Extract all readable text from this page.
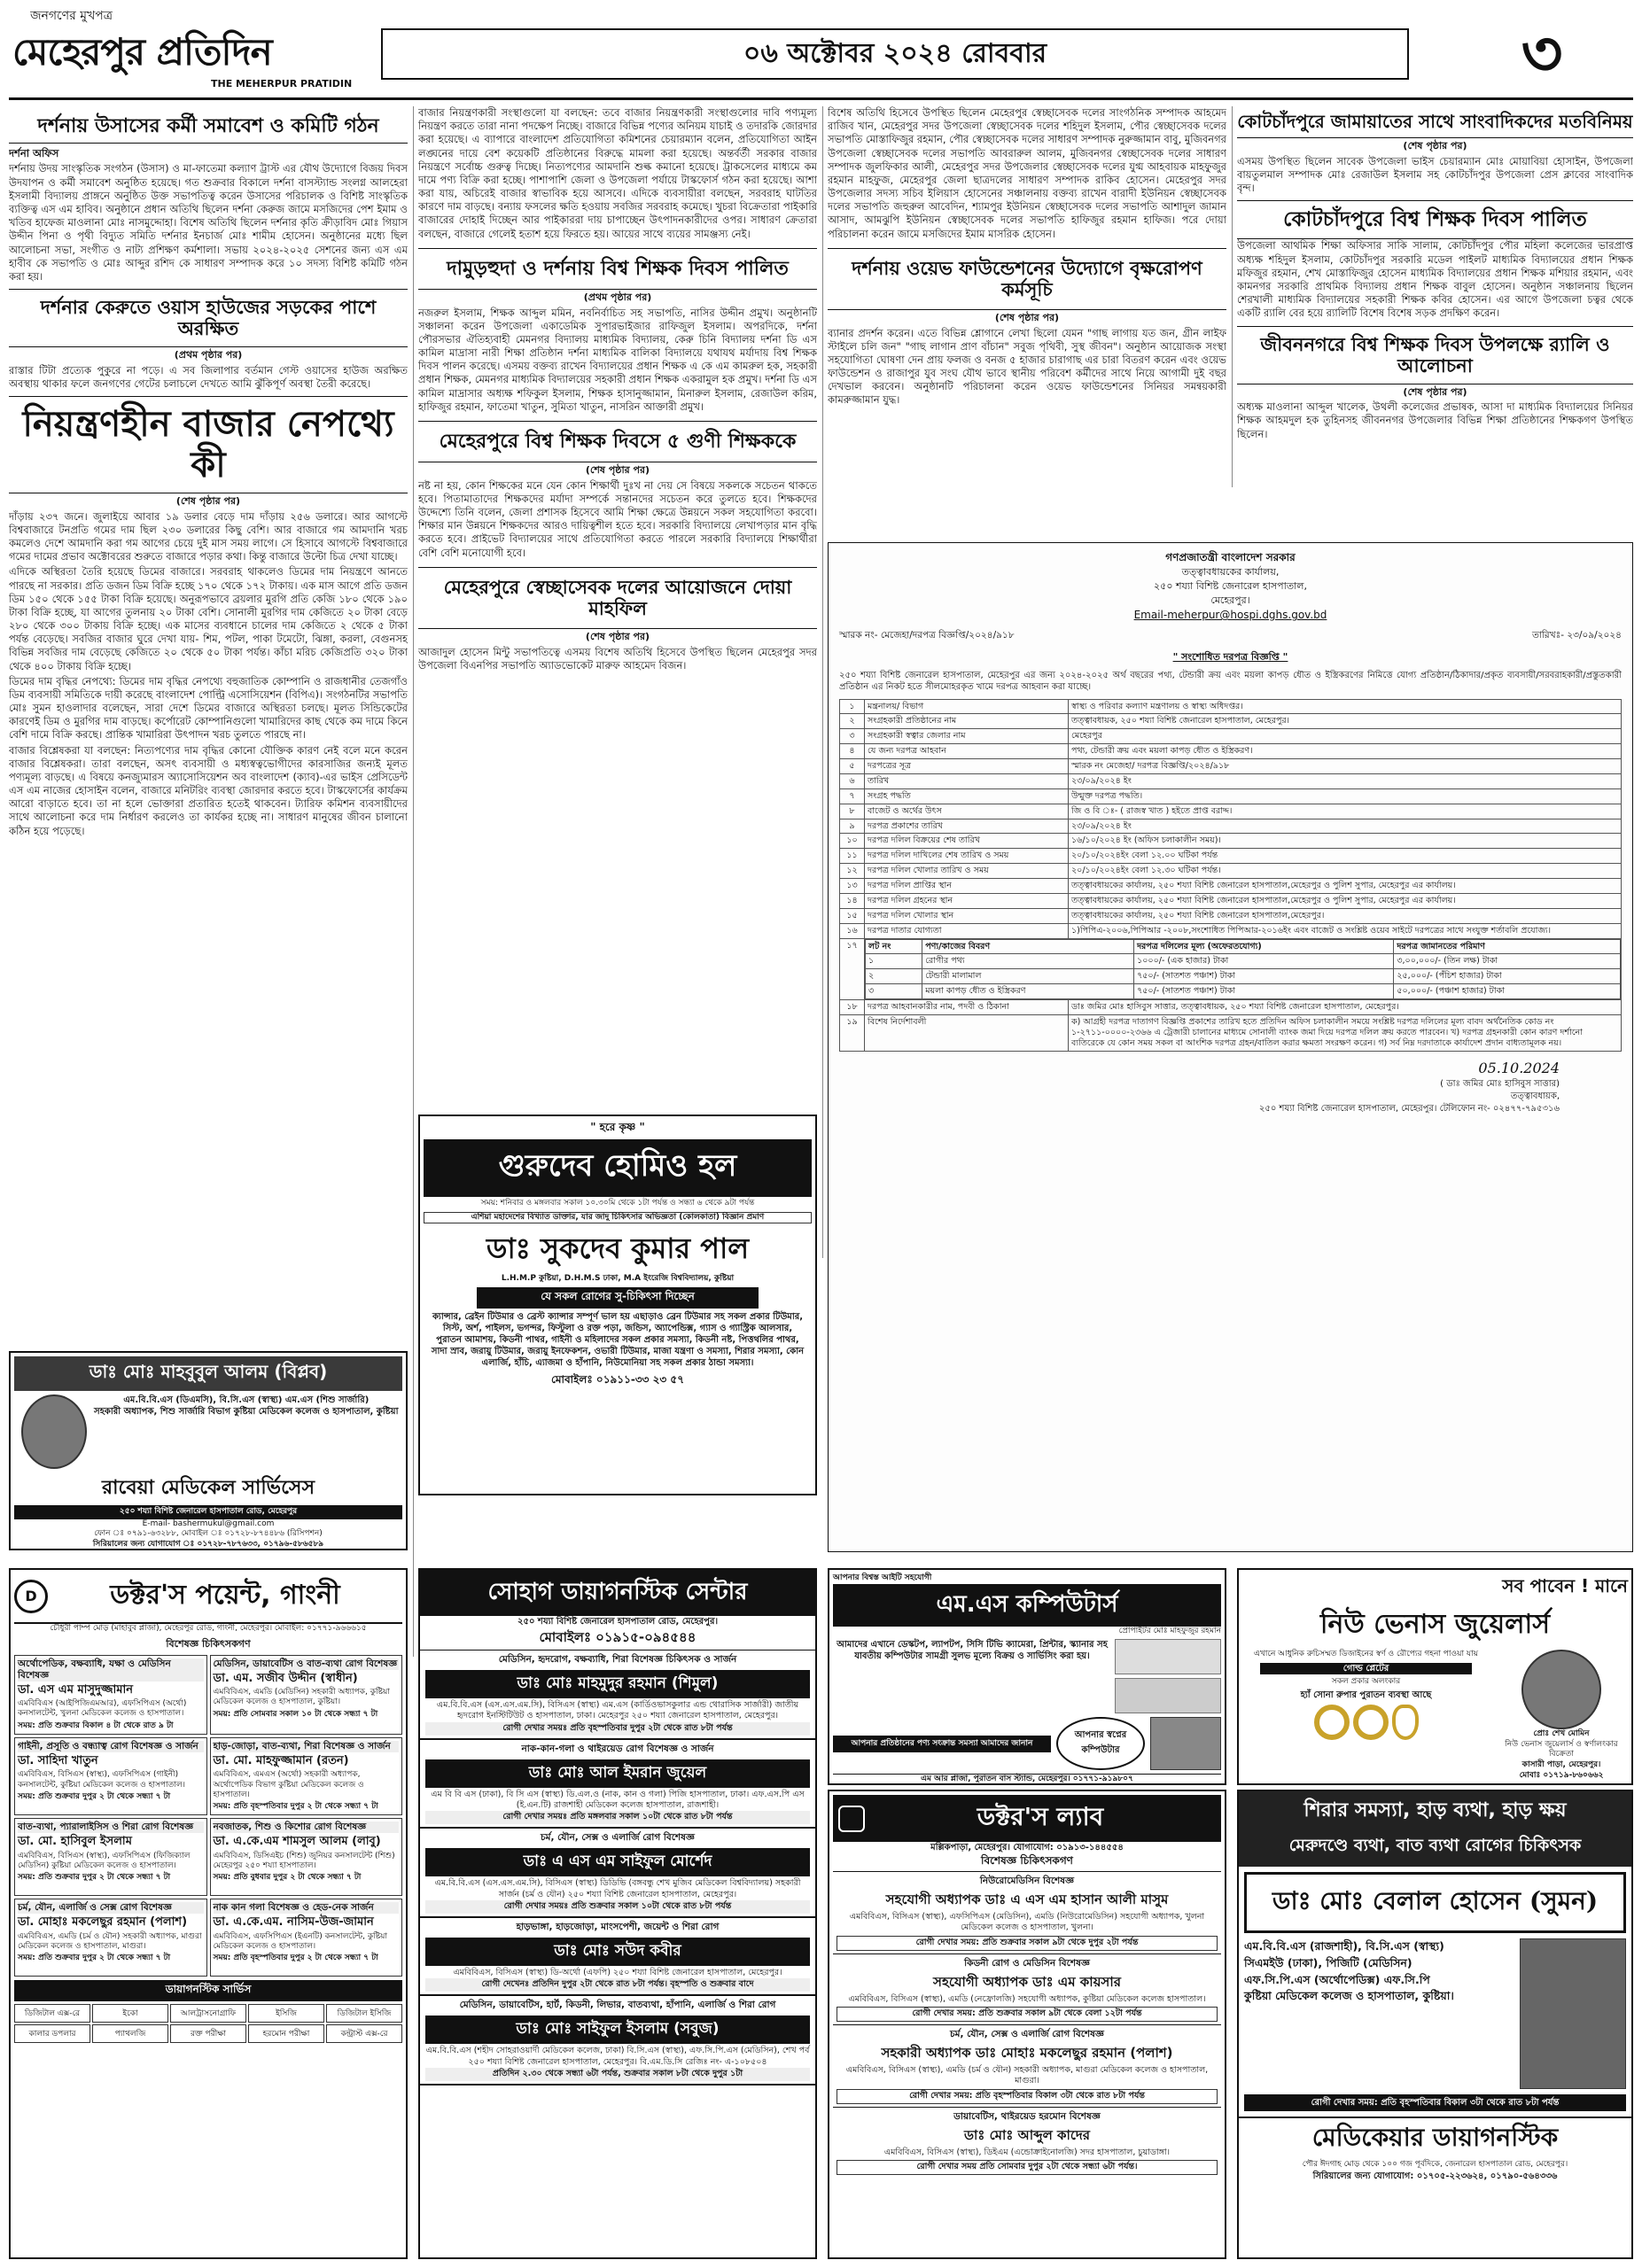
জনগণের মুখপত্র
মেহেরপুর প্রতিদিন
THE MEHERPUR PRATIDIN
০৬ অক্টোবর ২০২৪ রোববার	৩
দর্শনায় উসাসের কর্মী সমাবেশ ও কমিটি গঠন

দর্শনা অফিস

দর্শনায় উদয় সাংস্কৃতিক সংগঠন (উসাস) ও মা-ফাতেমা কল্যাণ ট্রাস্ট এর যৌথ উদ্যোগে বিজয় দিবস উদযাপন ও কর্মী সমাবেশ অনুষ্ঠিত হয়েছে। গত শুক্রবার বিকালে দর্শনা বাসস্ট্যান্ড সংলগ্ন আলহেরা ইসলামী বিদ্যালয় প্রাঙ্গনে অনুষ্ঠিত উক্ত সভাপতিত্ব করেন উসাসের পরিচালক ও বিশিষ্ট সাংস্কৃতিক ব্যক্তিত্ব এস এম হাবিব। অনুষ্ঠানে প্রধান অতিথি ছিলেন দর্শনা কেরুজ জামে মসজিদের পেশ ইমাম ও খতিব হাফেজ মাওলানা মোঃ নাসমুদ্দোহা। বিশেষ অতিথি ছিলেন দর্শনার কৃতি ক্রীড়াবিদ মোঃ গিয়াস উদ্দীন পিনা ও পৃথী বিদ্যুত সমিতি দর্শনার ইনচার্জ মোঃ শামীম হোসেন। অনুষ্ঠানের মধ্যে ছিল আলোচনা সভা, সংগীত ও নাট্য প্রশিক্ষণ কর্মশালা। সভায় ২০২৪-২০২৫ সেশনের জন্য এস এম হাবীব কে সভাপতি ও মোঃ আব্দুর রশিদ কে সাধারণ সম্পাদক করে ১০ সদস্য বিশিষ্ট কমিটি গঠন করা হয়।

দর্শনার কেরুতে ওয়াস হাউজের সড়কের পাশে অরক্ষিত
(প্রথম পৃষ্ঠার পর)

রাস্তার টিটা প্রত্যেক পুকুরে না পড়ে। এ সব জিলাপার বর্তমান গেস্ট ওয়াসের হাউজ অরক্ষিত অবস্থায় থাকার ফলে জনগণের গেটের চলাচলে দেখতে আমি ঝুঁকিপূর্ণ অবস্থা তৈরী করেছে।

নিয়ন্ত্রণহীন বাজার নেপথ্যে কী
(শেষ পৃষ্ঠার পর)

দাঁড়ায় ২৩৭ জনে। জুলাইয়ে আবার ১৯ ডলার বেড়ে দাম দাঁড়ায় ২৫৬ ডলারে। আর আগস্টে বিশ্ববাজারে টনপ্রতি গমের দাম ছিল ২৩০ ডলারের কিছু বেশি। আর বাজারে গম আমদানি খরচ কমলেও দেশে আমদানি করা গম আগের চেয়ে দুই মাস সময় লাগে। সে হিসাবে আগস্টে বিশ্ববাজারে গমের দামের প্রভাব অক্টোবরের শুরুতে বাজারে পড়ার কথা। কিন্তু বাজারে উল্টো চিত্র দেখা যাচ্ছে।

এদিকে অস্থিরতা তৈরি হয়েছে ডিমের বাজারে। সরবরাহ থাকলেও ডিমের দাম নিয়ন্ত্রণে আনতে পারছে না সরকার। প্রতি ডজন ডিম বিক্রি হচ্ছে ১৭০ থেকে ১৭২ টাকায়। এক মাস আগে প্রতি ডজন ডিম ১৫০ থেকে ১৫৫ টাকা বিক্রি হয়েছে। অনুরূপভাবে ব্রয়লার মুরগি প্রতি কেজি ১৮০ থেকে ১৯০ টাকা বিক্রি হচ্ছে, যা আগের তুলনায় ২০ টাকা বেশি। সোনালী মুরগির দাম কেজিতে ২০ টাকা বেড়ে ২৮০ থেকে ৩০০ টাকায় বিক্রি হচ্ছে। এক মাসের ব্যবধানে চালের দাম কেজিতে ২ থেকে ৫ টাকা পর্যন্ত বেড়েছে। সবজির বাজার ঘুরে দেখা যায়- শিম, পটল, পাকা টমেটো, ঝিঙ্গা, করলা, বেগুনসহ বিভিন্ন সবজির দাম বেড়েছে কেজিতে ২০ থেকে ৫০ টাকা পর্যন্ত। কাঁচা মরিচ কেজিপ্রতি ৩২০ টাকা থেকে ৪০০ টাকায় বিক্রি হচ্ছে।

ডিমের দাম বৃদ্ধির নেপথ্যে: ডিমের দাম বৃদ্ধির নেপথ্যে বহুজাতিক কোম্পানি ও রাজধানীর তেজগাঁও ডিম ব্যবসায়ী সমিতিকে দায়ী করেছে বাংলাদেশ পোল্ট্রি এসোসিয়েশন (বিপিএ)। সংগঠনটির সভাপতি মোঃ সুমন হাওলাদার বলেছেন, সারা দেশে ডিমের বাজারে অস্থিরতা চলছে। মূলত সিন্ডিকেটের কারণেই ডিম ও মুরগির দাম বাড়ছে। কর্পোরেট কোম্পানিগুলো খামারিদের কাছ থেকে কম দামে কিনে বেশি দামে বিক্রি করছে। প্রান্তিক খামারিরা উৎপাদন খরচ তুলতে পারছে না।

বাজার বিশ্লেষকরা যা বলছেন: নিত্যপণ্যের দাম বৃদ্ধির কোনো যৌক্তিক কারণ নেই বলে মনে করেন বাজার বিশ্লেষকরা। তারা বলছেন, অসৎ ব্যবসায়ী ও মধ্যস্বত্বভোগীদের কারসাজির জন্যই মূলত পণ্যমূল্য বাড়ছে। এ বিষয়ে কনজ্যুমারস অ্যাসোসিয়েশন অব বাংলাদেশ (ক্যাব)-এর ভাইস প্রেসিডেন্ট এস এম নাজের হোসাইন বলেন, বাজারে মনিটরিং ব্যবস্থা জোরদার করতে হবে। টাস্কফোর্সের কার্যক্রম আরো বাড়াতে হবে। তা না হলে ভোক্তারা প্রতারিত হতেই থাকবেন। ট্যারিফ কমিশন ব্যবসায়ীদের সাথে আলোচনা করে দাম নির্ধারণ করলেও তা কার্যকর হচ্ছে না। সাধারণ মানুষের জীবন চালানো কঠিন হয়ে পড়েছে।

বাজার নিয়ন্ত্রণকারী সংস্থাগুলো যা বলছেন: তবে বাজার নিয়ন্ত্রণকারী সংস্থাগুলোর দাবি পণ্যমূল্য নিয়ন্ত্রণ করতে তারা নানা পদক্ষেপ নিচ্ছে। বাজারে বিভিন্ন পণ্যের অনিয়ম যাচাই ও তদারকি জোরদার করা হয়েছে। এ ব্যাপারে বাংলাদেশ প্রতিযোগিতা কমিশনের চেয়ারম্যান বলেন, প্রতিযোগিতা আইন লঙ্ঘনের দায়ে বেশ কয়েকটি প্রতিষ্ঠানের বিরুদ্ধে মামলা করা হয়েছে। অন্তর্বর্তী সরকার বাজার নিয়ন্ত্রণে সর্বোচ্চ গুরুত্ব দিচ্ছে। নিত্যপণ্যের আমদানি শুল্ক কমানো হয়েছে। ট্রাকসেলের মাধ্যমে কম দামে পণ্য বিক্রি করা হচ্ছে। পাশাপাশি জেলা ও উপজেলা পর্যায়ে টাস্কফোর্স গঠন করা হয়েছে। আশা করা যায়, অচিরেই বাজার স্বাভাবিক হয়ে আসবে। এদিকে ব্যবসায়ীরা বলছেন, সরবরাহ ঘাটতির কারণে দাম বাড়ছে। বন্যায় ফসলের ক্ষতি হওয়ায় সবজির সরবরাহ কমেছে। খুচরা বিক্রেতারা পাইকারি বাজারের দোহাই দিচ্ছেন আর পাইকাররা দায় চাপাচ্ছেন উৎপাদনকারীদের ওপর। সাধারণ ক্রেতারা বলছেন, বাজারে গেলেই হতাশ হয়ে ফিরতে হয়। আয়ের সাথে ব্যয়ের সামঞ্জস্য নেই।

দামুড়হুদা ও দর্শনায় বিশ্ব শিক্ষক দিবস পালিত
(প্রথম পৃষ্ঠার পর)

নজরুল ইসলাম, শিক্ষক আব্দুল মমিন, নবনির্বাচিত সহ সভাপতি, নাসির উদ্দীন প্রমুখ। অনুষ্ঠানটি সঞ্চালনা করেন উপজেলা একাডেমিক সুপারভাইজার রাফিজুল ইসলাম। অপরদিকে, দর্শনা পৌরসভার ঐতিহ্যবাহী মেমনগর বিদ্যালয় মাধ্যমিক বিদ্যালয়, কেরু চিনি বিদ্যালয় দর্শনা ডি এস কামিল মাদ্রাসা নারী শিক্ষা প্রতিষ্ঠান দর্শনা মাধ্যমিক বালিকা বিদ্যালয়ে যথাযথ মর্যাদায় বিশ্ব শিক্ষক দিবস পালন করেছে। এসময় বক্তব্য রাখেন বিদ্যালয়ের প্রধান শিক্ষক এ কে এম কামরুল হক, সহকারী প্রধান শিক্ষক, মেমনগর মাধ্যমিক বিদ্যালয়ের সহকারী প্রধান শিক্ষক একরামুল হক প্রমুখ। দর্শনা ডি এস কামিল মাদ্রাসার অধ্যক্ষ শফিকুল ইসলাম, শিক্ষক হাসানুজ্জামান, মিনারুল ইসলাম, রেজাউল করিম, হাফিজুর রহমান, ফাতেমা খাতুন, সুমিতা খাতুন, নাসরিন আক্তারী প্রমুখ।

মেহেরপুরে বিশ্ব শিক্ষক দিবসে ৫ গুণী শিক্ষককে
(শেষ পৃষ্ঠার পর)

নষ্ট না হয়, কোন শিক্ষকের মনে যেন কোন শিক্ষার্থী দুঃখ না দেয় সে বিষয়ে সকলকে সচেতন থাকতে হবে। পিতামাতাদের শিক্ষকদের মর্যাদা সম্পর্কে সন্তানদের সচেতন করে তুলতে হবে। শিক্ষকদের উদ্দেশ্যে তিনি বলেন, জেলা প্রশাসক হিসেবে আমি শিক্ষা ক্ষেত্রে উন্নয়নে সকল সহযোগিতা করবো। শিক্ষার মান উন্নয়নে শিক্ষকদের আরও দায়িত্বশীল হতে হবে। সরকারি বিদ্যালয়ে লেখাপড়ার মান বৃদ্ধি করতে হবে। প্রাইভেট বিদ্যালয়ের সাথে প্রতিযোগিতা করতে পারলে সরকারি বিদ্যালয়ে শিক্ষার্থীরা বেশি বেশি মনোযোগী হবে।

মেহেরপুরে স্বেচ্ছাসেবক দলের আয়োজনে দোয়া মাহফিল
(শেষ পৃষ্ঠার পর)

আজাদুল হোসেন মিন্টু সভাপতিত্বে এসময় বিশেষ অতিথি হিসেবে উপস্থিত ছিলেন মেহেরপুর সদর উপজেলা বিএনপির সভাপতি অ্যাডভোকেট মারুফ আহমেদ বিজন।

বিশেষ অতিথি হিসেবে উপস্থিত ছিলেন মেহেরপুর স্বেচ্ছাসেবক দলের সাংগঠনিক সম্পাদক আহমেদ রাজিব খান, মেহেরপুর সদর উপজেলা স্বেচ্ছাসেবক দলের শহিদুল ইসলাম, পৌর স্বেচ্ছাসেবক দলের সভাপতি মোস্তাফিজুর রহমান, পৌর স্বেচ্ছাসেবক দলের সাধারণ সম্পাদক নুরুজ্জামান বাবু, মুজিবনগর উপজেলা স্বেচ্ছাসেবক দলের সভাপতি আবরারুল আলম, মুজিবনগর স্বেচ্ছাসেবক দলের সাধারণ সম্পাদক জুলফিকার আলী, মেহেরপুর সদর উপজেলার স্বেচ্ছাসেবক দলের যুগ্ম আহবায়ক মাহফুজুর রহমান মাহফুজ, মেহেরপুর জেলা ছাত্রদলের সাধারণ সম্পাদক রাকিব হোসেন। মেহেরপুর সদর উপজেলার সদস্য সচিব ইলিয়াস হোসেনের সঞ্চালনায় বক্তব্য রাখেন বারাদী ইউনিয়ন স্বেচ্ছাসেবক দলের সভাপতি জহুরুল আবেদিন, শ্যামপুর ইউনিয়ন স্বেচ্ছাসেবক দলের সভাপতি আশাদুল জামান আসাদ, আমঝুপি ইউনিয়ন স্বেচ্ছাসেবক দলের সভাপতি হাফিজুর রহমান হাফিজ। পরে দোয়া পরিচালনা করেন জামে মসজিদের ইমাম মাসরিক হোসেন।

দর্শনায় ওয়েভ ফাউন্ডেশনের উদ্যোগে বৃক্ষরোপণ কর্মসূচি
(শেষ পৃষ্ঠার পর)

ব্যানার প্রদর্শন করেন। এতে বিভিন্ন শ্লোগানে লেখা ছিলো যেমন "গাছ লাগায় যত জন, গ্রীন লাইফ স্টাইলে চলি জন" "গাছ লাগান প্রাণ বাঁচান" সবুজ পৃথিবী, সুস্থ জীবন"। অনুষ্ঠান আয়োজক সংস্থা সহযোগিতা ঘোষণা দেন প্রায় ফলজ ও বনজ ৫ হাজার চারাগাছ এর চারা বিতরণ করেন এবং ওয়েভ ফাউন্ডেশন ও রাজাপুর যুব সংঘ যৌথ ভাবে স্থানীয় পরিবেশ কর্মীদের সাথে নিয়ে আগামী দুই বছর দেখভাল করবেন। অনুষ্ঠানটি পরিচালনা করেন ওয়েভ ফাউন্ডেশনের সিনিয়র সমন্বয়কারী কামরুজ্জামান যুদ্ধ।

কোটচাঁদপুরে জামায়াতের সাথে সাংবাদিকদের মতবিনিময়
(শেষ পৃষ্ঠার পর)

এসময় উপস্থিত ছিলেন সাবেক উপজেলা ভাইস চেয়ারম্যান মোঃ মোয়াবিয়া হোসাইন, উপজেলা বায়তুলমাল সম্পাদক মোঃ রেজাউল ইসলাম সহ কোটচাঁদপুর উপজেলা প্রেস ক্লাবের সাংবাদিক বৃন্দ।

কোটচাঁদপুরে বিশ্ব শিক্ষক দিবস পালিত

উপজেলা আথমিক শিক্ষা অফিসার সাকি সালাম, কোটচাঁদপুর পৌর মহিলা কলেজের ভারপ্রাপ্ত অধ্যক্ষ শহিদুল ইসলাম, কোটচাঁদপুর সরকারি মডেল পাইলট মাধ্যমিক বিদ্যালয়ের প্রধান শিক্ষক মফিজুর রহমান, শেখ মোস্তাফিজুর হোসেন মাধ্যমিক বিদ্যালয়ের প্রধান শিক্ষক মশিয়ার রহমান, এবং কামনগর সরকারি প্রাথমিক বিদ্যালয় প্রধান শিক্ষক বাবুল হোসেন। অনুষ্ঠান সঞ্চালনায় ছিলেন শেরখালী মাধ্যমিক বিদ্যালয়ের সহকারী শিক্ষক কবির হোসেন। এর আগে উপজেলা চত্বর থেকে একটি র‍্যালি বের হয়ে র‍্যালিটি বিশেষ বিশেষ সড়ক প্রদক্ষিণ করেন।

জীবননগরে বিশ্ব শিক্ষক দিবস উপলক্ষে র‍্যালি ও আলোচনা
(শেষ পৃষ্ঠার পর)

অধ্যক্ষ মাওলানা আব্দুল খালেক, উথলী কলেজের প্রভাষক, আসা দা মাধ্যমিক বিদ্যালয়ের সিনিয়র শিক্ষক আহমদুল হক তুহিনসহ জীবননগর উপজেলার বিভিন্ন শিক্ষা প্রতিষ্ঠানের শিক্ষকগণ উপস্থিত ছিলেন।

গণপ্রজাতন্ত্রী বাংলাদেশ সরকার
তত্ত্বাবধায়কের কার্যালয়,
২৫০ শয্যা বিশিষ্ট জেনারেল হাসপাতাল,
মেহেরপুর।
Email-meherpur@hospi.dghs.gov.bd
স্মারক নং- মেজেহা/দরপত্র বিজ্ঞপ্তি/২০২৪/৯১৮	তারিখঃ- ২৩/০৯/২০২৪
" সংশোধিত দরপত্র বিজ্ঞপ্তি "

২৫০ শয্যা বিশিষ্ট জেনারেল হাসপাতাল, মেহেরপুর এর জন্য ২০২৪-২০২৫ অর্থ বছরের পথ্য, টেন্ডারী ক্রয় এবং ময়লা কাপড় ধৌত ও ইস্ত্রিকরণের নিমিত্তে যোগ্য প্রতিষ্ঠান/ঠিকাদার/প্রকৃত ব্যবসায়ী/সরবরাহকারী/প্রস্তুতকারী প্রতিষ্ঠান এর নিকট হতে সীলমোহরকৃত খামে দরপত্র আহবান করা যাচ্ছে।

১	মন্ত্রনালয়/ বিভাগ	স্বাস্থ্য ও পরিবার কল্যাণ মন্ত্রণালয় ও স্বাস্থ্য অধিদপ্তর।
২	সংগ্রহকারী প্রতিষ্ঠানের নাম	তত্ত্বাবধায়ক, ২৫০ শয্যা বিশিষ্ট জেনারেল হাসপাতাল, মেহেরপুর।
৩	সংগ্রহকারী স্বত্বার জেলার নাম	মেহেরপুর
৪	যে জন্য দরপত্র আহবান	পথ্য, টেন্ডারী ক্রয় এবং ময়লা কাপড় ধৌত ও ইস্ত্রিকরণ।
৫	দরপত্রের সূত্র	স্মারক নং মেজেহা/ দরপত্র বিজ্ঞপ্তি/২০২৪/৯১৮
৬	তারিখ	২৩/০৯/২০২৪ ইং
৭	সংগ্রহ পদ্ধতি	উন্মুক্ত দরপত্র পদ্ধতি।
৮	বাজেট ও অর্থের উৎস	জি ও বি ঃ- ( রাজস্ব খাত ) হইতে প্রাপ্ত বরাদ্দ।
৯	দরপত্র প্রকাশের তারিখ	২৩/০৯/২০২৪ ইং
১০	দরপত্র দলিল বিক্রয়ের শেষ তারিখ	১৬/১০/২০২৪ ইং (অফিস চলাকালীন সময়)।
১১	দরপত্র দলিল দাখিলের শেষ তারিখ ও সময়	২০/১০/২০২৪ইং বেলা ১২.০০ ঘটিকা পর্যন্ত
১২	দরপত্র দলিল খোলার তারিখ ও সময়	২০/১০/২০২৪ইং বেলা ১২.৩০ ঘটিকা পর্যন্ত।
১৩	দরপত্র দলিল প্রাপ্তির স্থান	তত্ত্বাবধায়কের কার্যালয়, ২৫০ শয্যা বিশিষ্ট জেনারেল হাসপাতাল,মেহেরপুর ও পুলিশ সুপার, মেহেরপুর এর কার্যালয়।
১৪	দরপত্র দলিল গ্রহনের স্থান	তত্ত্বাবধায়কের কার্যালয়, ২৫০ শয্যা বিশিষ্ট জেনারেল হাসপাতাল,মেহেরপুর ও পুলিশ সুপার, মেহেরপুর এর কার্যালয়।
১৫	দরপত্র দলিল খোলার স্থান	তত্ত্বাবধায়কের কার্যালয়, ২৫০ শয্যা বিশিষ্ট জেনারেল হাসপাতাল,মেহেরপুর।
১৬	দরপত্র দাতার যোগ্যতা	১)পিপিএ-২০০৬,পিপিআর -২০০৮,সংশোধিত পিপিআর-২০১৬ইং এবং বাজেট ও সংশ্লিষ্ট ওয়েব সাইটে দরপত্রের সাথে সংযুক্ত শর্তাবলি প্রযোজ্য।
১৭	লট নং	পণ্য/কাজের বিবরণ	দরপত্র দলিলের মূল্য (অফেরতযোগ্য)	দরপত্র জামানতের পরিমাণ
১	রোগীর পথ্য	১০০০/- (এক হাজার) টাকা	৩,০০,০০০/- (তিন লক্ষ) টাকা
২	টেন্ডারী মালামাল	৭৫০/- (সাতশত পঞ্চাশ) টাকা	২৫,০০০/- (পঁচিশ হাজার) টাকা
৩	ময়লা কাপড় ধৌত ও ইস্ত্রিকরণ	৭৫০/- (সাতশত পঞ্চাশ) টাকা	৫০,০০০/- (পঞ্চাশ হাজার) টাকা

১৮	দরপত্র আহবানকারীর নাম, পদবী ও ঠিকানা	ডাঃ জমির মোঃ হাসিবুস সাত্তার, তত্ত্বাবধায়ক, ২৫০ শয্যা বিশিষ্ট জেনারেল হাসপাতাল, মেহেরপুর।
১৯	বিশেষ নির্দেশাবলী	ক) আগ্রহী দরপত্র দাতাগণ বিজ্ঞপ্তি প্রকাশের তারিখ হতে প্রতিদিন অফিস চলাকালীন সময়ে সংশ্লিষ্ট দরপত্র দলিলের মূল্য বাবদ অর্থনৈতিক কোড নং ১-২৭১১-০০০০-২৩৬৬ এ ট্রেজারী চালানের মাধ্যমে সোনালী ব্যাংক জমা দিয়ে দরপত্র দলিল ক্রয় করতে পারবেন। খ) দরপত্র গ্রহনকারী কোন কারণ দর্শানো ব্যতিরেকে যে কোন সময় সকল বা আংশিক দরপত্র গ্রহন/বাতিল করার ক্ষমতা সংরক্ষণ করেন। গ) সর্ব নিম্ন দরদাতাকে কার্যাদেশ প্রদান বাধ্যতামূলক নয়।
05.10.2024
( ডাঃ জমির মোঃ হাসিবুস সাত্তার)
তত্ত্বাবধায়ক,
২৫০ শয্যা বিশিষ্ট জেনারেল হাসপাতাল, মেহেরপুর। টেলিফোন নং- ০২৪৭৭-৭৯৫৩১৬
" হরে কৃষ্ণ "
গুরুদেব হোমিও হল
সময়: শনিবার ও মঙ্গলবার সকাল ১০.৩০মি থেকে ১টা পর্যন্ত ও সন্ধ্যা ৬ থেকে ৯টা পর্যন্ত
এশিয়া মহাদেশের বিখ্যাত ডাক্তার, যার জাদু চিকিৎসার অভিজ্ঞতা (কোলকাতা) বিজ্ঞান প্রমাণ
ডাঃ সুকদেব কুমার পাল
L.H.M.P কুষ্টিয়া, D.H.M.S ঢাকা, M.A ইংরেজি বিশ্ববিদ্যালয়, কুষ্টিয়া
যে সকল রোগের সু-চিকিৎসা দিচ্ছেন
ক্যান্সার, ব্রেইন টিউমার ও ব্রেস্ট ক্যান্সার সম্পূর্ণ ভাল হয় এছাড়াও ব্রেন টিউমার সহ সকল প্রকার টিউমার, সিস্ট, অর্শ, পাইলস, ভগন্দর, ফিস্টুলা ও রক্ত পড়া, জন্ডিস, অ্যাপেন্ডিক্স, গ্যাস ও গ্যাস্ট্রিক আলসার, পুরাতন আমাশয়, কিডনী পাথর, গাইনী ও মহিলাদের সকল প্রকার সমস্যা, কিডনী নষ্ট, পিত্তথলির পাথর, সাদা স্রাব, জরায়ু টিউমার, জরায়ু ইনফেকশন, ওভারী টিউমার, মাজা যন্ত্রণা ও সমস্যা, শিরার সমস্যা, কোন এলার্জি, হাঁচি, এ্যাজমা ও হাঁপানি, নিউমোনিয়া সহ সকল প্রকার ঠান্ডা সমস্যা।
মোবাইলঃ ০১৯১১-৩৩ ২৩ ৫৭
ডাঃ মোঃ মাহবুবুল আলম (বিপ্লব)
এম.বি.বি.এস (ডিএমসি), বি.সি.এস (স্বাস্থ্য) এম.এস (শিশু সার্জারি)
সহকারী অধ্যাপক, শিশু সার্জারি বিভাগ কুষ্টিয়া মেডিকেল কলেজ ও হাসপাতাল, কুষ্টিয়া
রাবেয়া মেডিকেল সার্ভিসেস
২৫০ শয্যা বিশিষ্ট জেনারেল হাসপাতাল রোড, মেহেরপুর
E-mail- bashermukul@gmail.com
ফোন ঃ ০৭৯১-৬৩২৮৮, মোবাইল ঃ ০১৭২৮-৮৭৪৪৮৬ (রিসিপশন)
সিরিয়ালের জন্য যোগাযোগ ঃ ০১৭২৮-৭৮৭৬৩৩, ০১৭৯৬-৫৮৬৫৮৯
D	ডক্টর'স পয়েন্ট, গাংনী
চৌধুরী পাম্প মোড় (মাহাবুব প্লাজা), মেহেরপুর রোড, গাংনী, মেহেরপুর। মোবাইল: ০১৭৭১-৯৬৬৬১৫
বিশেষজ্ঞ চিকিৎসকগণ
অর্থোপেডিক, বক্ষব্যাধি, যক্ষা ও মেডিসিন বিশেষজ্ঞ
ডা. এস এম মাসুদুজ্জামান
এমবিবিএস (আইপিজিএমআর), এফসিপিএস (অর্থো) কনসালটেন্ট, খুলনা মেডিকেল কলেজ ও হাসপাতাল।
সময়: প্রতি শুক্রবার বিকাল ৪ টা থেকে রাত ৯ টা
মেডিসিন, ডায়াবেটিস ও বাত-ব্যথা রোগ বিশেষজ্ঞ
ডা. এম. সজীব উদ্দীন (স্বাধীন)
এমবিবিএস, এমডি (মেডিসিন) সহকারী অধ্যাপক, কুষ্টিয়া মেডিকেল কলেজ ও হাসপাতাল, কুষ্টিয়া।
সময়: প্রতি সোমবার সকাল ১০ টা থেকে সন্ধ্যা ৭ টা
গাইনী, প্রসূতি ও বন্ধ্যাত্ব রোগ বিশেষজ্ঞ ও সার্জন
ডা. সাহিদা খাতুন
এমবিবিএস, বিসিএস (স্বাস্থ্য), এফসিপিএস (গাইনী) কনসালটেন্ট, কুষ্টিয়া মেডিকেল কলেজ ও হাসপাতাল।
সময়: প্রতি শুক্রবার দুপুর ২ টা থেকে সন্ধ্যা ৭ টা
হাড়-জোড়া, বাত-ব্যথা, শিরা বিশেষজ্ঞ ও সার্জন
ডা. মো. মাহফুজ্জামান (রতন)
এমবিবিএস, এমএস (অর্থো) সহকারী অধ্যাপক, অর্থোপেডিক বিভাগ কুষ্টিয়া মেডিকেল কলেজ ও হাসপাতাল।
সময়: প্রতি বৃহস্পতিবার দুপুর ২ টা থেকে সন্ধ্যা ৭ টা
বাত-ব্যথা, প্যারালাইসিস ও শিরা রোগ বিশেষজ্ঞ
ডা. মো. হাসিবুল ইসলাম
এমবিবিএস, বিসিএস (স্বাস্থ্য), এফসিপিএস (ফিজিক্যাল মেডিসিন) কুষ্টিয়া মেডিকেল কলেজ ও হাসপাতাল।
সময়: প্রতি শুক্রবার দুপুর ২ টা থেকে সন্ধ্যা ৭ টা
নবজাতক, শিশু ও কিশোর রোগ বিশেষজ্ঞ
ডা. এ.কে.এম শামসুল আলম (লাবু)
এমবিবিএস, ডিসিএইচ (শিশু) জুনিয়র কনসালটেন্ট (শিশু) মেহেরপুর ২৫০ শয্যা হাসপাতাল।
সময়: প্রতি বুধবার দুপুর ২ টা থেকে সন্ধ্যা ৭ টা
চর্ম, যৌন, এলার্জি ও সেক্স রোগ বিশেষজ্ঞ
ডা. মোহাঃ মকলেছুর রহমান (পলাশ)
এমবিবিএস, এমডি (চর্ম ও যৌন) সহকারী অধ্যাপক, মাগুরা মেডিকেল কলেজ ও হাসপাতাল, মাগুরা।
সময়: প্রতি শুক্রবার দুপুর ২ টা থেকে সন্ধ্যা ৭ টা
নাক কান গলা বিশেষজ্ঞ ও হেড-নেক সার্জন
ডা. এ.কে.এম. নাসিম-উজ-জামান
এমবিবিএস, এফসিপিএস (ইএনটি) কনসালটেন্ট, কুষ্টিয়া মেডিকেল কলেজ ও হাসপাতাল।
সময়: প্রতি বৃহস্পতিবার দুপুর ২ টা থেকে সন্ধ্যা ৭ টা
ডায়াগনস্টিক সার্ভিস
ডিজিটাল এক্স-রে	ইকো	আলট্রাসনোগ্রাফি	ইসিজি	ডিজিটাল ইসিজি
কালার ডপলার	প্যাথলজি	রক্ত পরীক্ষা	হরমোন পরীক্ষা	কন্ট্রাস্ট এক্স-রে
সোহাগ ডায়াগনস্টিক সেন্টার
২৫০ শয্যা বিশিষ্ট জেনারেল হাসপাতাল রোড, মেহেরপুর।
মোবাইলঃ ০১৯১৫-০৯৪৫৪৪
মেডিসিন, হৃদরোগ, বক্ষব্যাধি, শিরা বিশেষজ্ঞ চিকিৎসক ও সার্জন
ডাঃ মোঃ মাহমুদুর রহমান (শিমুল)
এম.বি.বি.এস (এস.এস.এম.সি), বিসিএস (স্বাস্থ্য) এম.এস (কার্ডিওভাসকুলার এন্ড থোরাসিক সার্জারী) জাতীয় হৃদরোগ ইনস্টিটিউট ও হাসপাতাল, ঢাকা। মেহেরপুর ২৫০ শয্যা জেনারেল হাসপাতাল, মেহেরপুর।
রোগী দেখার সময়ঃ প্রতি বৃহস্পতিবার দুপুর ২টা থেকে রাত ৮টা পর্যন্ত
নাক-কান-গলা ও থাইরয়েড রোগ বিশেষজ্ঞ ও সার্জন
ডাঃ মোঃ আল ইমরান জুয়েল
এম বি বি এস (ঢাকা), বি সি এস (স্বাস্থ্য) ডি.এল.ও (নাক, কান ও গলা) পিজি হাসপাতাল, ঢাকা। এফ.এস.পি এস (ই.এন.টি) রাজশাহী মেডিকেল কলেজ হাসপাতাল, রাজশাহী।
রোগী দেখার সময়ঃ প্রতি মঙ্গলবার সকাল ১০টা থেকে রাত ৮টা পর্যন্ত
চর্ম, যৌন, সেক্স ও এলার্জি রোগ বিশেষজ্ঞ
ডাঃ এ এস এম সাইফুল মোর্শেদ
এম.বি.বি.এস (এস.এস.এম.সি), বিসিএস (স্বাস্থ্য) ডিডিভি (বঙ্গবন্ধু শেখ মুজিব মেডিকেল বিশ্ববিদ্যালয়) সহকারী সার্জন (চর্ম ও যৌন) ২৫০ শয্যা বিশিষ্ট জেনারেল হাসপাতাল, মেহেরপুর।
রোগী দেখার সময়ঃ প্রতি শুক্রবার সকাল ১০টা থেকে রাত ৮টা পর্যন্ত
হাড়ভাঙ্গা, হাড়জোড়া, মাংসপেশী, জয়েন্ট ও শিরা রোগ
ডাঃ মোঃ সউদ কবীর
এমবিবিএস, বিসিএস (স্বাস্থ্য) ডি-অর্থো (এফপি) ২৫০ শয্যা বিশিষ্ট জেনারেল হাসপাতাল, মেহেরপুর।
রোগী দেখেনঃ প্রতিদিন দুপুর ২টা থেকে রাত ৮টা পর্যন্ত। বৃহস্পতি ও শুক্রবার বাদে
মেডিসিন, ডায়াবেটিস, হার্ট, কিডনী, লিভার, বাতব্যথা, হাঁপানি, এলার্জি ও শিরা রোগ
ডাঃ মোঃ সাইফুল ইসলাম (সবুজ)
এম.বি.বি.এস (শহীদ সোহরাওয়ার্দী মেডিকেল কলেজ, ঢাকা) বি.সি.এস (স্বাস্থ্য), এফ.সি.পি.এস (মেডিসিন), শেখ পর্ব ২৫০ শয্যা বিশিষ্ট জেনারেল হাসপাতাল, মেহেরপুর। বি.এম.ডি.সি রেজিঃ নং- এ-১০৮৫০৪
প্রতিদিন ২.৩০ থেকে সন্ধ্যা ৬টা পর্যন্ত, শুক্রবার সকাল ৮টা থেকে দুপুর ১টা
আপনার বিশ্বস্ত আইটি সহযোগী
এম.এস কম্পিউটার্স
প্রোপাইটর মোঃ মাহফুজুর রহমান
আমাদের এখানে ডেস্কটপ, ল্যাপটপ, সিসি টিভি ক্যামেরা, প্রিন্টার, স্ক্যানার সহ যাবতীয় কম্পিউটার সামগ্রী সুলভ মূল্যে বিক্রয় ও সার্ভিসিং করা হয়।
আপনার প্রতিষ্ঠানের পণ্য সংক্রান্ত সমস্যা আমাদের জানান
আপনার স্বপ্নের কম্পিউটার
এম আর প্লাজা, পুরাতন বাস স্ট্যান্ড, মেহেরপুর। ০১৭৭১-৯১৯৮০৭
ডক্টর'স ল্যাব
মল্লিকপাড়া, মেহেরপুর। যোগাযোগ: ০১৯১৩-১৪৪৫৫৪
বিশেষজ্ঞ চিকিৎসকগণ
নিউরোমেডিসিন বিশেষজ্ঞ
সহযোগী অধ্যাপক ডাঃ এ এস এম হাসান আলী মাসুম
এমবিবিএস, বিসিএস (স্বাস্থ্য), এফসিপিএস (মেডিসিন), এমডি (নিউরোমেডিসিন) সহযোগী অধ্যাপক, খুলনা মেডিকেল কলেজ ও হাসপাতাল, খুলনা।
রোগী দেখার সময়: প্রতি শুক্রবার সকাল ৯টা থেকে দুপুর ২টা পর্যন্ত
কিডনী রোগ ও মেডিসিন বিশেষজ্ঞ
সহযোগী অধ্যাপক ডাঃ এম কায়সার
এমবিবিএস, বিসিএস (স্বাস্থ্য), এমডি (নেফ্রোলজি) সহযোগী অধ্যাপক, কুষ্টিয়া মেডিকেল কলেজ হাসপাতাল।
রোগী দেখার সময়: প্রতি শুক্রবার সকাল ৯টা থেকে বেলা ১২টা পর্যন্ত
চর্ম, যৌন, সেক্স ও এলার্জি রোগ বিশেষজ্ঞ
সহকারী অধ্যাপক ডাঃ মোহাঃ মকলেছুর রহমান (পলাশ)
এমবিবিএস, বিসিএস (স্বাস্থ্য), এমডি (চর্ম ও যৌন) সহকারী অধ্যাপক, মাগুরা মেডিকেল কলেজ ও হাসপাতাল, মাগুরা।
রোগী দেখার সময়: প্রতি বৃহস্পতিবার বিকাল ৩টা থেকে রাত ৮টা পর্যন্ত
ডায়াবেটিস, থাইরয়েড হরমোন বিশেষজ্ঞ
ডাঃ মোঃ আব্দুল কাদের
এমবিবিএস, বিসিএস (স্বাস্থ্য), ডিইএম (এন্ডোক্রাইনোলজি) সদর হাসপাতাল, চুয়াডাঙ্গা।
রোগী দেখার সময় প্রতি সোমবার দুপুর ২টা থেকে সন্ধ্যা ৬টা পর্যন্ত।
সব পাবেন ! মানে
নিউ ভেনাস জুয়েলার্স
এখানে আধুনিক রুচিসম্মত ডিজাইনের স্বর্ণ ও রৌপ্যের গহনা পাওয়া যায়
গোল্ড প্লেটের
সকল প্রকার অলংকার
হ্যাঁ সোনা রুপার পুরাতন ব্যবস্থা আছে
প্রোঃ শেখ মোমিন
নিউ ভেনাস জুয়েলার্স ও স্বর্ণালংকার বিক্রেতা
কাসারী পাড়া, মেহেরপুর।
মোবাঃ ০১৭১৯-৮৬০৬৬২
শিরার সমস্যা, হাড় ব্যথা, হাড় ক্ষয়
মেরুদণ্ডে ব্যথা, বাত ব্যথা রোগের চিকিৎসক
ডাঃ মোঃ বেলাল হোসেন (সুমন)
এম.বি.বি.এস (রাজশাহী), বি.সি.এস (স্বাস্থ্য)
সিএমইউ (ঢাকা), পিজিটি (মেডিসিন)
এফ.সি.পি.এস (অর্থোপেডিক্স) এফ.সি.পি
কুষ্টিয়া মেডিকেল কলেজ ও হাসপাতাল, কুষ্টিয়া।
রোগী দেখার সময়: প্রতি বৃহস্পতিবার বিকাল ৩টা থেকে রাত ৮টা পর্যন্ত
মেডিকেয়ার ডায়াগনস্টিক
পৌর ঈদগাহ মোড় থেকে ১০০ গজ পূর্বদিকে, জেনারেল হাসপাতাল রোড, মেহেরপুর।
সিরিয়ালের জন্য যোগাযোগ: ০১৭০৫-২২৩৬২৪, ০১৭৯০-৫৬৪৩৩৬
